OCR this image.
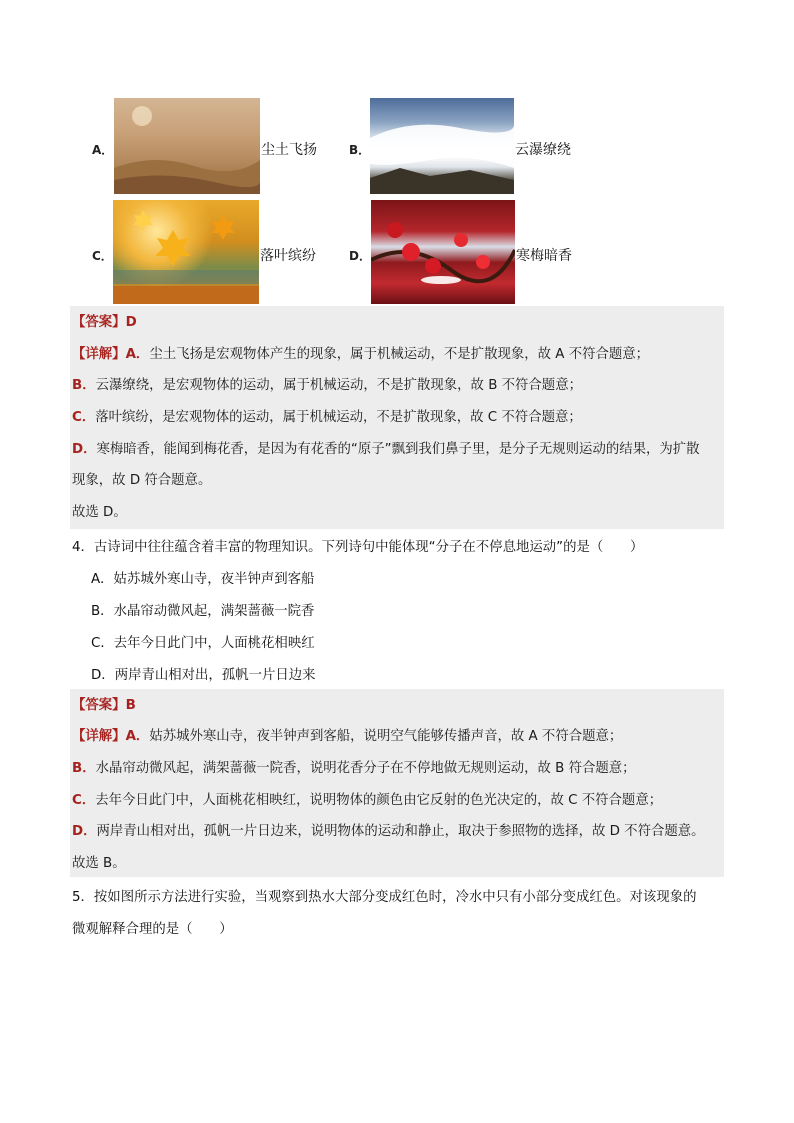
A．	尘土飞扬	B．	云瀑缭绕
C．	落叶缤纷	D．	寒梅暗香
【答案】D
【详解】A．尘土飞扬是宏观物体产生的现象，属于机械运动，不是扩散现象，故 A 不符合题意；
B．云瀑缭绕，是宏观物体的运动，属于机械运动，不是扩散现象，故 B 不符合题意；
C．落叶缤纷，是宏观物体的运动，属于机械运动，不是扩散现象，故 C 不符合题意；
D．寒梅暗香，能闻到梅花香，是因为有花香的“原子”飘到我们鼻子里，是分子无规则运动的结果，为扩散
现象，故 D 符合题意。
故选 D。
4．古诗词中往往蕴含着丰富的物理知识。下列诗句中能体现“分子在不停息地运动”的是（　　）
A．姑苏城外寒山寺，夜半钟声到客船
B．水晶帘动微风起，满架蔷薇一院香
C．去年今日此门中，人面桃花相映红
D．两岸青山相对出，孤帆一片日边来
【答案】B
【详解】A．姑苏城外寒山寺，夜半钟声到客船，说明空气能够传播声音，故 A 不符合题意；
B．水晶帘动微风起，满架蔷薇一院香，说明花香分子在不停地做无规则运动，故 B 符合题意；
C．去年今日此门中，人面桃花相映红，说明物体的颜色由它反射的色光决定的，故 C 不符合题意；
D．两岸青山相对出，孤帆一片日边来，说明物体的运动和静止，取决于参照物的选择，故 D 不符合题意。
故选 B。
5．按如图所示方法进行实验，当观察到热水大部分变成红色时，冷水中只有小部分变成红色。对该现象的
微观解释合理的是（　　）
